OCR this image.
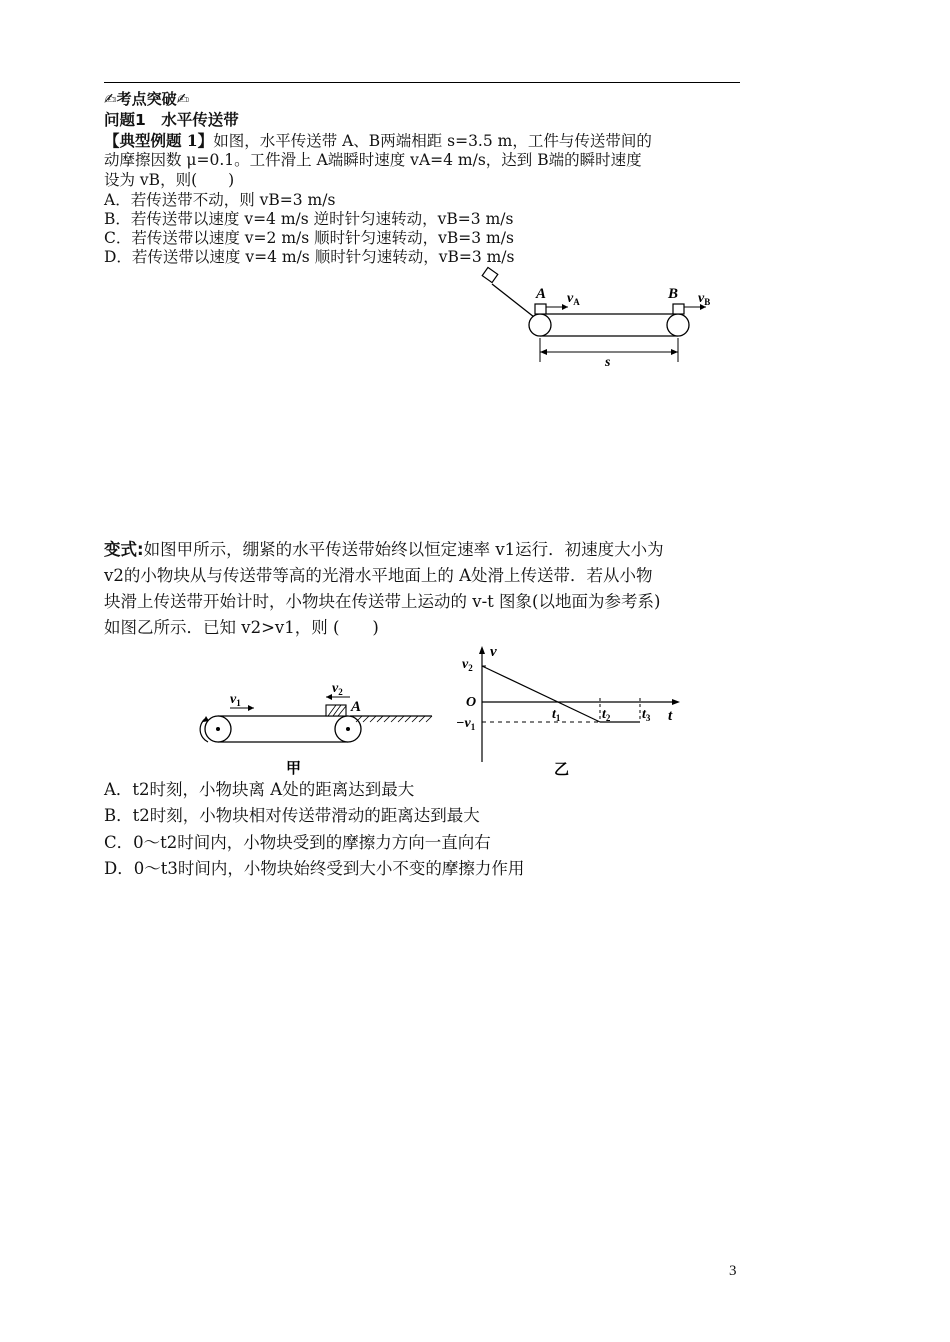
✍考点突破✍
问题1　水平传送带
【典型例题 1】如图，水平传送带 A、B两端相距 s=3.5 m，工件与传送带间的
动摩擦因数 μ=0.1。工件滑上 A端瞬时速度 vA=4 m/s，达到 B端的瞬时速度
设为 vB，则(　　)
A．若传送带不动，则 vB=3 m/s
B．若传送带以速度 v=4 m/s 逆时针匀速转动，vB=3 m/s
C．若传送带以速度 v=2 m/s 顺时针匀速转动，vB=3 m/s
D．若传送带以速度 v=4 m/s 顺时针匀速转动，vB=3 m/s
A	B
$v_A$	$v_B$
s
变式:如图甲所示，绷紧的水平传送带始终以恒定速率 v1运行．初速度大小为
v2的小物块从与传送带等高的光滑水平地面上的 A处滑上传送带．若从小物
块滑上传送带开始计时，小物块在传送带上运动的 v-t 图象(以地面为参考系)
如图乙所示．已知 v2>v1，则 (　　)
$v_1$
$v_2$
A
甲
v
$v_2$
O
$-v_1$
t
$t_1$	$t_2$ $t_3$
乙
A．t2时刻，小物块离 A处的距离达到最大
B．t2时刻，小物块相对传送带滑动的距离达到最大
C．0～t2时间内，小物块受到的摩擦力方向一直向右
D．0～t3时间内，小物块始终受到大小不变的摩擦力作用
3
